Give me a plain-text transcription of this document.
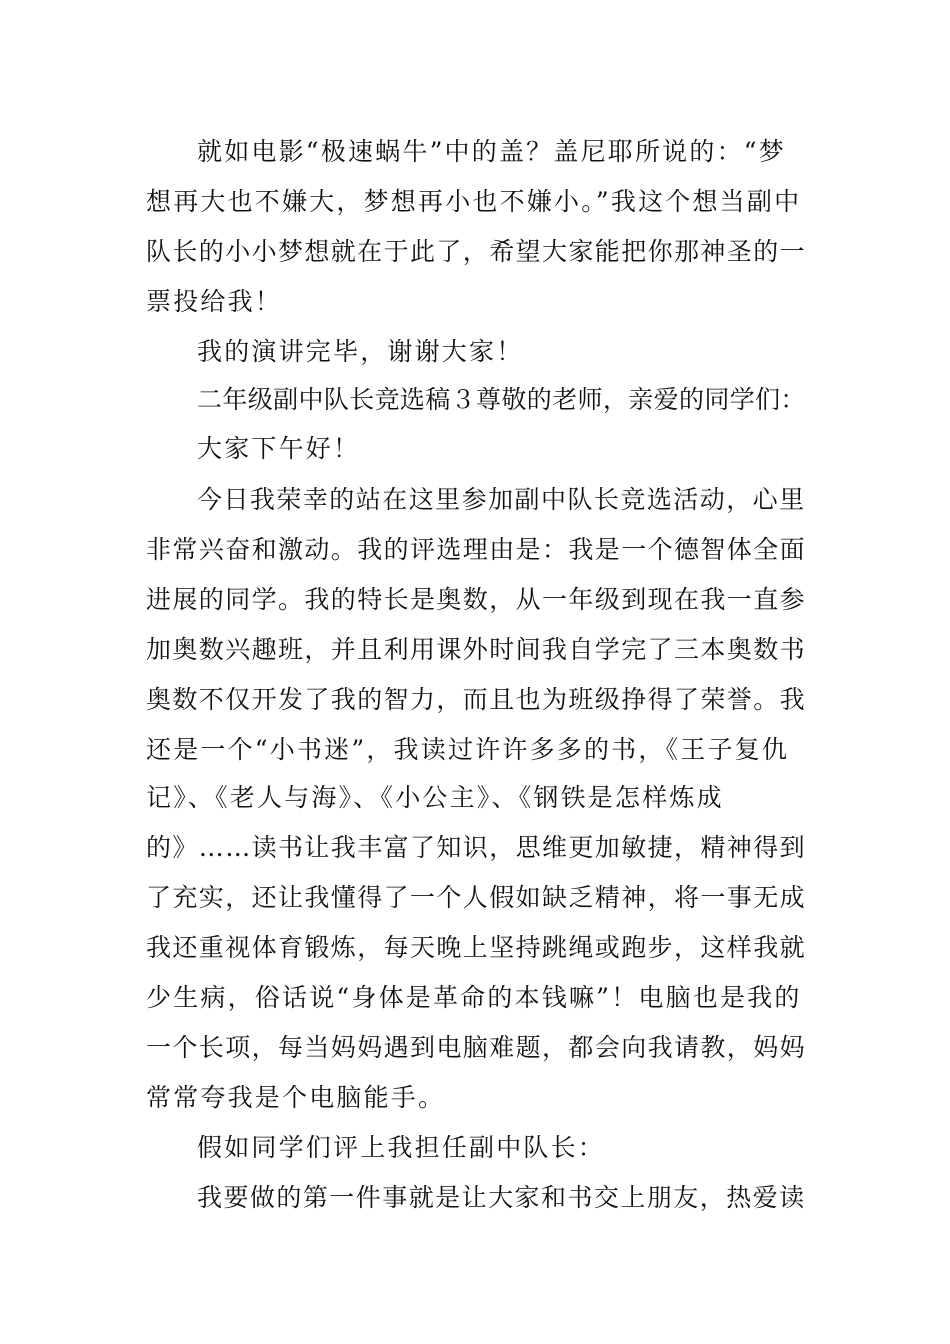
就如电影“极速蜗牛”中的盖？盖尼耶所说的：“梦
想再大也不嫌大，梦想再小也不嫌小。”我这个想当副中
队长的小小梦想就在于此了，希望大家能把你那神圣的一
票投给我！
我的演讲完毕，谢谢大家！
二年级副中队长竞选稿３尊敬的老师，亲爱的同学们：
大家下午好！
今日我荣幸的站在这里参加副中队长竞选活动，心里
非常兴奋和激动。我的评选理由是：我是一个德智体全面
进展的同学。我的特长是奥数，从一年级到现在我一直参
加奥数兴趣班，并且利用课外时间我自学完了三本奥数书
奥数不仅开发了我的智力，而且也为班级挣得了荣誉。我
还是一个“小书迷”，我读过许许多多的书，《王子复仇
记》、《老人与海》、《小公主》、《钢铁是怎样炼成
的》……读书让我丰富了知识，思维更加敏捷，精神得到
了充实，还让我懂得了一个人假如缺乏精神，将一事无成
我还重视体育锻炼，每天晚上坚持跳绳或跑步，这样我就
少生病，俗话说“身体是革命的本钱嘛”！电脑也是我的
一个长项，每当妈妈遇到电脑难题，都会向我请教，妈妈
常常夸我是个电脑能手。
假如同学们评上我担任副中队长：
我要做的第一件事就是让大家和书交上朋友，热爱读
